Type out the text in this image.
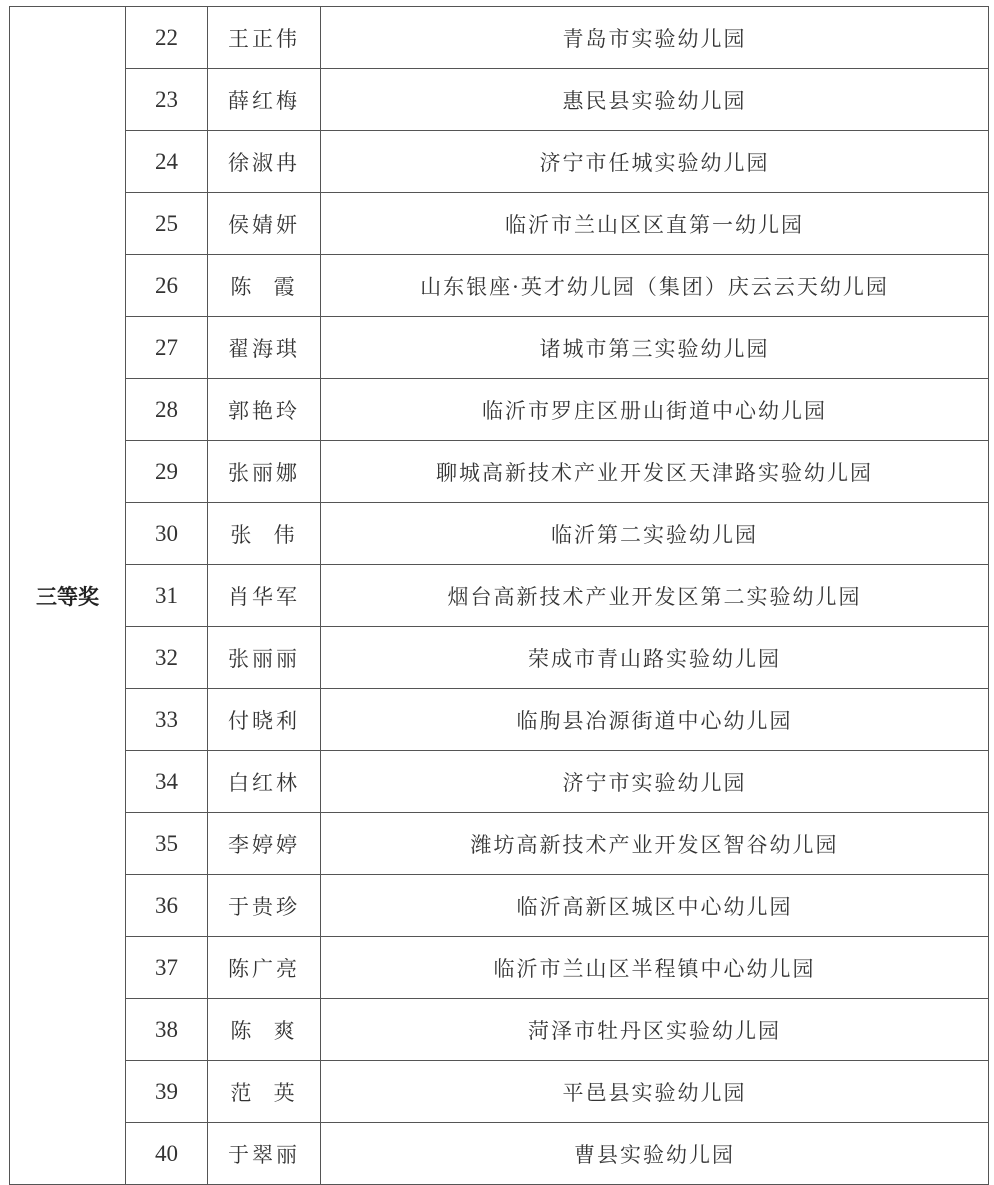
三等奖	22	王正伟	青岛市实验幼儿园
	23	薛红梅	惠民县实验幼儿园
	24	徐淑冉	济宁市任城实验幼儿园
	25	侯婧妍	临沂市兰山区区直第一幼儿园
	26	陈  霞	山东银座·英才幼儿园（集团）庆云云天幼儿园
	27	翟海琪	诸城市第三实验幼儿园
	28	郭艳玲	临沂市罗庄区册山街道中心幼儿园
	29	张丽娜	聊城高新技术产业开发区天津路实验幼儿园
	30	张  伟	临沂第二实验幼儿园
	31	肖华军	烟台高新技术产业开发区第二实验幼儿园
	32	张丽丽	荣成市青山路实验幼儿园
	33	付晓利	临朐县冶源街道中心幼儿园
	34	白红林	济宁市实验幼儿园
	35	李婷婷	潍坊高新技术产业开发区智谷幼儿园
	36	于贵珍	临沂高新区城区中心幼儿园
	37	陈广亮	临沂市兰山区半程镇中心幼儿园
	38	陈  爽	菏泽市牡丹区实验幼儿园
	39	范  英	平邑县实验幼儿园
	40	于翠丽	曹县实验幼儿园
